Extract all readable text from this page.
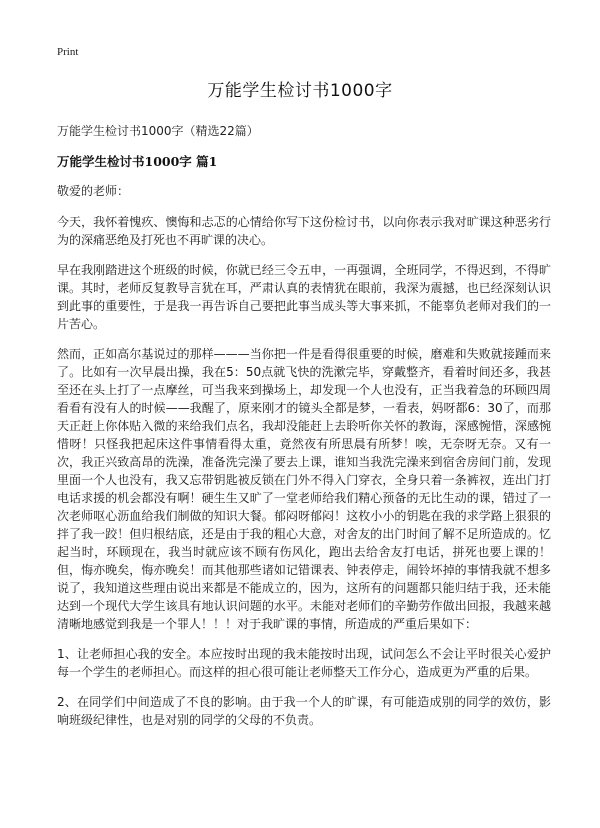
Print
万能学生检讨书1000字
万能学生检讨书1000字（精选22篇）
万能学生检讨书1000字 篇1
敬爱的老师：

今天，我怀着愧疚、懊悔和忐忑的心情给你写下这份检讨书，以向你表示我对旷课这种恶劣行为的深痛恶绝及打死也不再旷课的决心。

早在我刚踏进这个班级的时候，你就已经三令五申，一再强调，全班同学，不得迟到，不得旷课。其时，老师反复教导言犹在耳，严肃认真的表情犹在眼前，我深为震撼，也已经深刻认识到此事的重要性，于是我一再告诉自己要把此事当成头等大事来抓，不能辜负老师对我们的一片苦心。

然而，正如高尔基说过的那样———当你把一件是看得很重要的时候，磨难和失败就接踵而来了。比如有一次早晨出操，我在5：50点就飞快的洗漱完毕，穿戴整齐，看着时间还多，我甚至还在头上打了一点摩丝，可当我来到操场上，却发现一个人也没有，正当我着急的环顾四周看看有没有人的时候——我醒了，原来刚才的镜头全都是梦，一看表，妈呀都6：30了，而那天正赶上你体贴入微的来给我们点名，我却没能赶上去聆听你关怀的教诲，深感惋惜，深感惋惜呀！只怪我把起床这件事情看得太重，竟然夜有所思晨有所梦！唉，无奈呀无奈。又有一次，我正兴致高昂的洗澡，准备洗完澡了要去上课，谁知当我洗完澡来到宿舍房间门前，发现里面一个人也没有，我又忘带钥匙被反锁在门外不得入门穿衣，全身只着一条裤衩，连出门打电话求援的机会都没有啊！硬生生又旷了一堂老师给我们精心预备的无比生动的课，错过了一次老师呕心沥血给我们制做的知识大餐。郁闷呀郁闷！这枚小小的钥匙在我的求学路上狠狠的拌了我一跤！但归根结底，还是由于我的粗心大意，对舍友的出门时间了解不足所造成的。忆起当时，环顾现在，我当时就应该不顾有伤风化，跑出去给舍友打电话，拼死也要上课的！但，悔亦晚矣，悔亦晚矣！而其他那些诸如记错课表、钟表停走，闹铃坏掉的事情我就不想多说了，我知道这些理由说出来都是不能成立的，因为，这所有的问题都只能归结于我，还未能达到一个现代大学生该具有地认识问题的水平。未能对老师们的辛勤劳作做出回报，我越来越清晰地感觉到我是一个罪人！！！对于我旷课的事情，所造成的严重后果如下：

1、让老师担心我的安全。本应按时出现的我未能按时出现，试问怎么不会让平时很关心爱护每一个学生的老师担心。而这样的担心很可能让老师整天工作分心，造成更为严重的后果。

2、在同学们中间造成了不良的影响。由于我一个人的旷课，有可能造成别的同学的效仿，影响班级纪律性，也是对别的同学的父母的不负责。
